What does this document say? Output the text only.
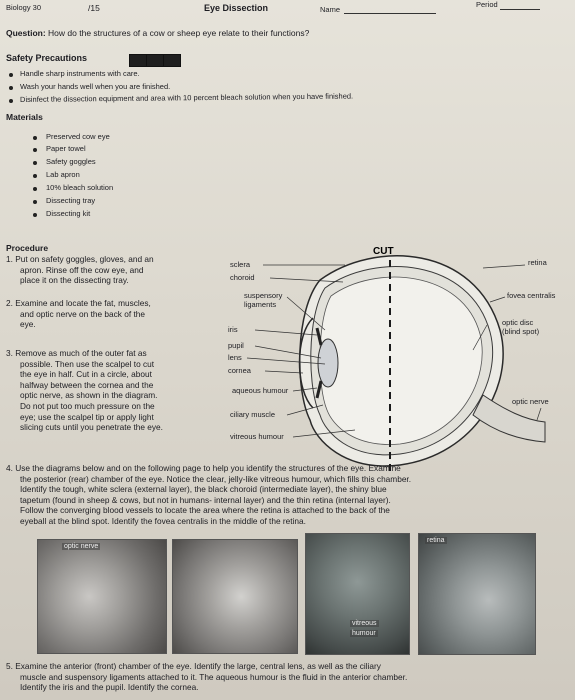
Biology 30	/15	Eye Dissection	Name
Period
Question: How do the structures of a cow or sheep eye relate to their functions?
Safety Precautions
Handle sharp instruments with care.
Wash your hands well when you are finished.
Disinfect the dissection equipment and area with 10 percent bleach solution when you have finished.
Materials
Preserved cow eye
Paper towel
Safety goggles
Lab apron
10% bleach solution
Dissecting tray
Dissecting kit
Procedure
1. Put on safety goggles, gloves, and an
apron. Rinse off the cow eye, and
place it on the dissecting tray.
2. Examine and locate the fat, muscles,
and optic nerve on the back of the
eye.
3. Remove as much of the outer fat as
possible. Then use the scalpel to cut
the eye in half. Cut in a circle, about
halfway between the cornea and the
optic nerve, as shown in the diagram.
Do not put too much pressure on the
eye; use the scalpel tip or apply light
slicing cuts until you penetrate the eye.
CUT
sclera
choroid
suspensory
ligaments
iris
pupil
lens
cornea
aqueous humour
ciliary muscle
vitreous humour
retina
fovea centralis
optic disc
(blind spot)
optic nerve
4. Use the diagrams below and on the following page to help you identify the structures of the eye. Examine
the posterior (rear) chamber of the eye. Notice the clear, jelly-like vitreous humour, which fills this chamber.
Identify the tough, white sclera (external layer), the black choroid (intermediate layer), the shiny blue
tapetum (found in sheep & cows, but not in humans- internal layer) and the thin retina (internal layer).
Follow the converging blood vessels to locate the area where the retina is attached to the back of the
eyeball at the blind spot. Identify the fovea centralis in the middle of the retina.
optic nerve
vitreous
humour
retina
5. Examine the anterior (front) chamber of the eye. Identify the large, central lens, as well as the ciliary
muscle and suspensory ligaments attached to it. The aqueous humour is the fluid in the anterior chamber.
Identify the iris and the pupil. Identify the cornea.
